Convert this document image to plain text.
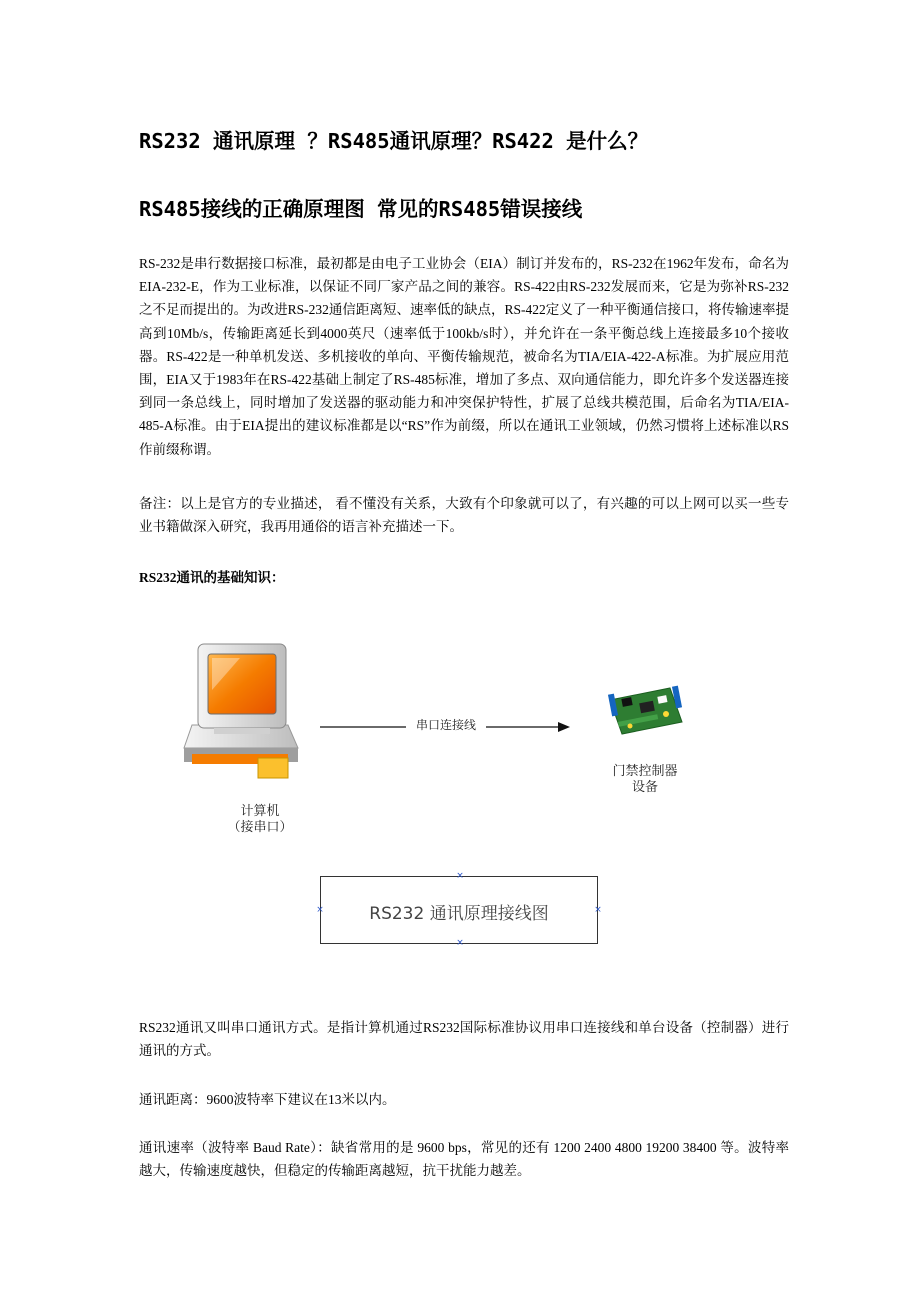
RS232 通讯原理 ？RS485通讯原理？RS422 是什么？
RS485接线的正确原理图 常见的RS485错误接线

RS-232是串行数据接口标准，最初都是由电子工业协会（EIA）制订并发布的，RS-232在1962年发布，命名为EIA-232-E，作为工业标准，以保证不同厂家产品之间的兼容。RS-422由RS-232发展而来，它是为弥补RS-232之不足而提出的。为改进RS-232通信距离短、速率低的缺点，RS-422定义了一种平衡通信接口，将传输速率提高到10Mb/s，传输距离延长到4000英尺（速率低于100kb/s时），并允许在一条平衡总线上连接最多10个接收器。RS-422是一种单机发送、多机接收的单向、平衡传输规范，被命名为TIA/EIA-422-A标准。为扩展应用范围，EIA又于1983年在RS-422基础上制定了RS-485标准，增加了多点、双向通信能力，即允许多个发送器连接到同一条总线上，同时增加了发送器的驱动能力和冲突保护特性，扩展了总线共模范围，后命名为TIA/EIA-485-A标准。由于EIA提出的建议标准都是以“RS”作为前缀，所以在通讯工业领域，仍然习惯将上述标准以RS作前缀称谓。

备注：以上是官方的专业描述， 看不懂没有关系，大致有个印象就可以了，有兴趣的可以上网可以买一些专业书籍做深入研究，我再用通俗的语言补充描述一下。

RS232通讯的基础知识：

串口连接线
计算机
（接串口）
门禁控制器
设备
RS232 通讯原理接线图
×
×
×	×

RS232通讯又叫串口通讯方式。是指计算机通过RS232国际标准协议用串口连接线和单台设备（控制器）进行通讯的方式。

通讯距离：9600波特率下建议在13米以内。

通讯速率（波特率 Baud Rate）：缺省常用的是 9600 bps，常见的还有 1200 2400 4800 19200 38400 等。波特率越大，传输速度越快，但稳定的传输距离越短，抗干扰能力越差。
